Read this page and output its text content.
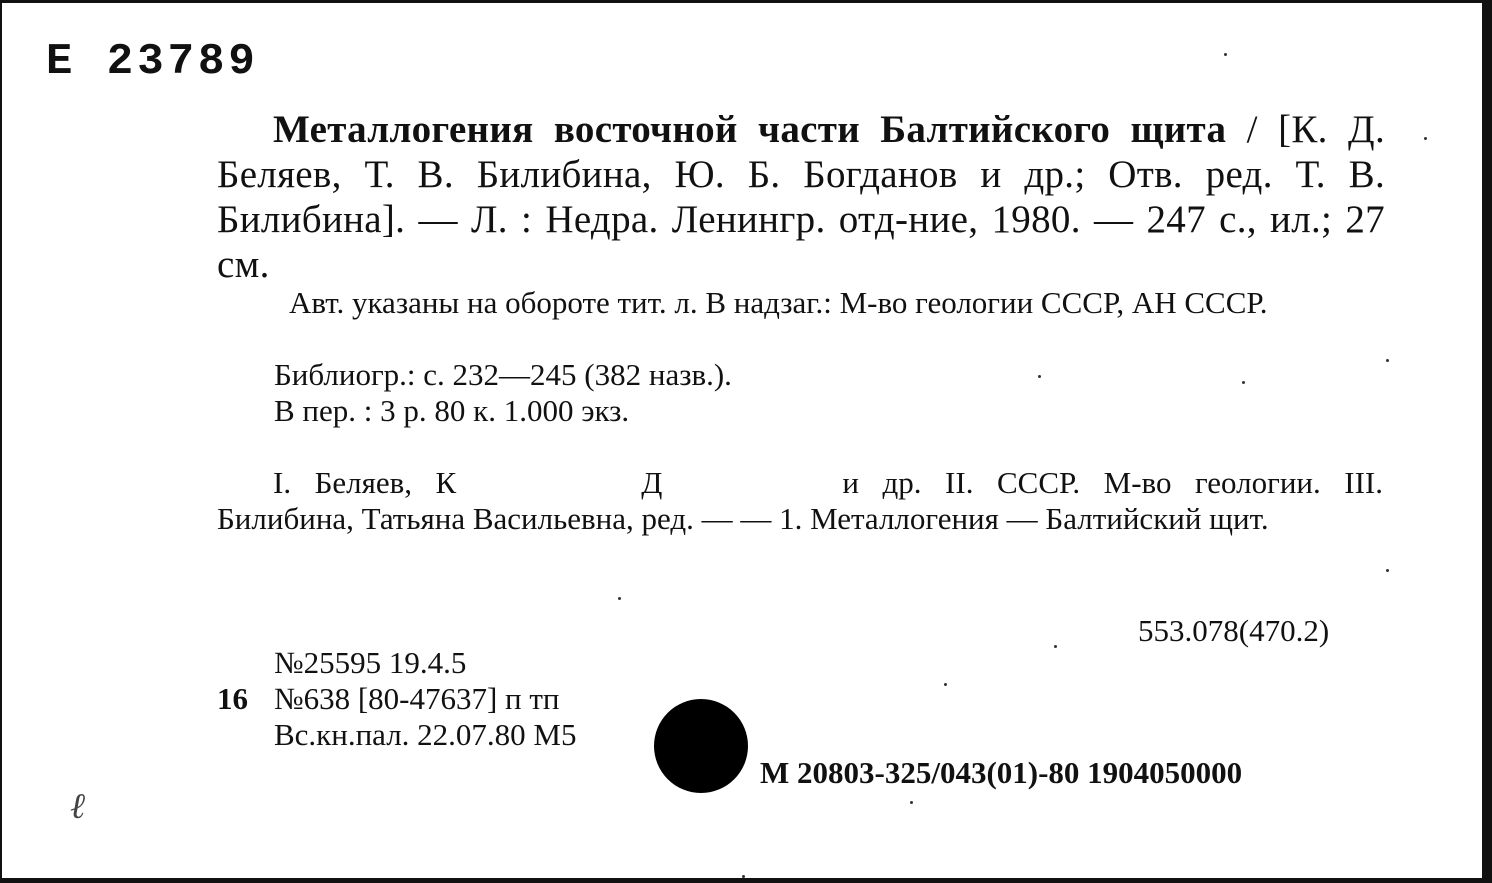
Е 23789
Металлогения восточной части Балтийского щита / [К. Д. Беляев, Т. В. Билибина, Ю. Б. Богданов и др.; Отв. ред. Т. В. Билибина]. — Л. : Недра. Ленингр. отд-ние, 1980. — 247 с., ил.; 27 см.
Авт. указаны на обороте тит. л. В надзаг.: М-во геологии СССР, АН СССР.
Библиогр.: с. 232—245 (382 назв.).
В пер. : 3 р. 80 к. 1.000 экз.
I. Беляев, К	Д	и др. II. СССР. М-во геологии. III. Билибина, Татьяна Васильевна, ред. — — 1. Металлогения — Балтийский щит.
553.078(470.2)
№25595 19.4.5
16 №638 [80-47637] п тп
Вс.кн.пал. 22.07.80 М5
М 20803-325/043(01)-80 1904050000
ℓ
